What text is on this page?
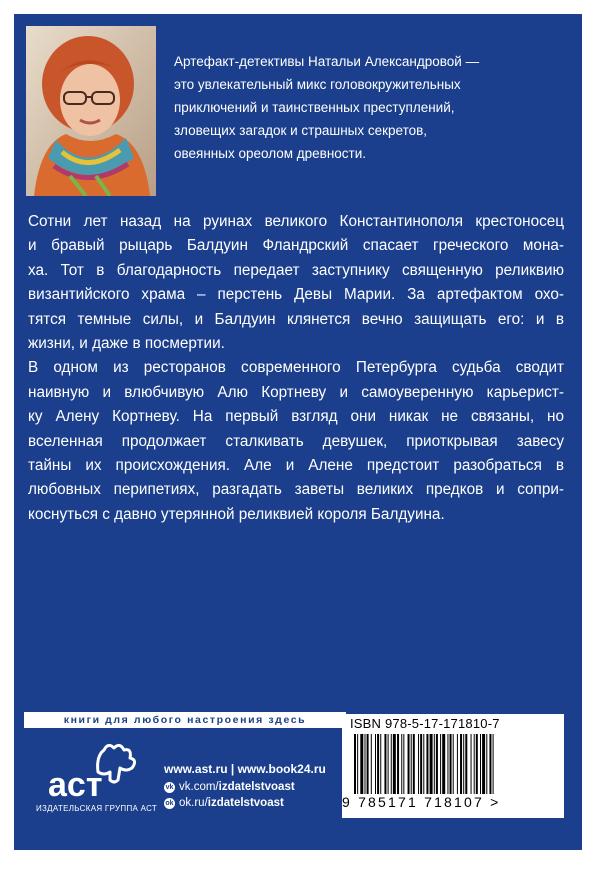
Артефакт-детективы Натальи Александровой —
это увлекательный микс головокружительных
приключений и таинственных преступлений,
зловещих загадок и страшных секретов,
овеянных ореолом древности.
Сотни лет назад на руинах великого Константинополя крестоносец
и бравый рыцарь Балдуин Фландрский спасает греческого мона-
ха. Тот в благодарность передает заступнику священную реликвию
византийского храма – перстень Девы Марии. За артефактом охо-
тятся темные силы, и Балдуин клянется вечно защищать его: и в
жизни, и даже в посмертии.
В одном из ресторанов современного Петербурга судьба сводит
наивную и влюбчивую Алю Кортневу и самоуверенную карьерист-
ку Алену Кортневу. На первый взгляд они никак не связаны, но
вселенная продолжает сталкивать девушек, приоткрывая завесу
тайны их происхождения. Але и Алене предстоит разобраться в
любовных перипетиях, разгадать заветы великих предков и сопри-
коснуться с давно утерянной реликвией короля Балдуина.
книги для любого настроения здесь
аст
ИЗДАТЕЛЬСКАЯ ГРУППА АСТ
www.ast.ru | www.book24.ru
vk vk.com/ izdatelstvoast
ok ok.ru/ izdatelstvoast
ISBN 978-5-17-171810-7
9 785171 718107 >
